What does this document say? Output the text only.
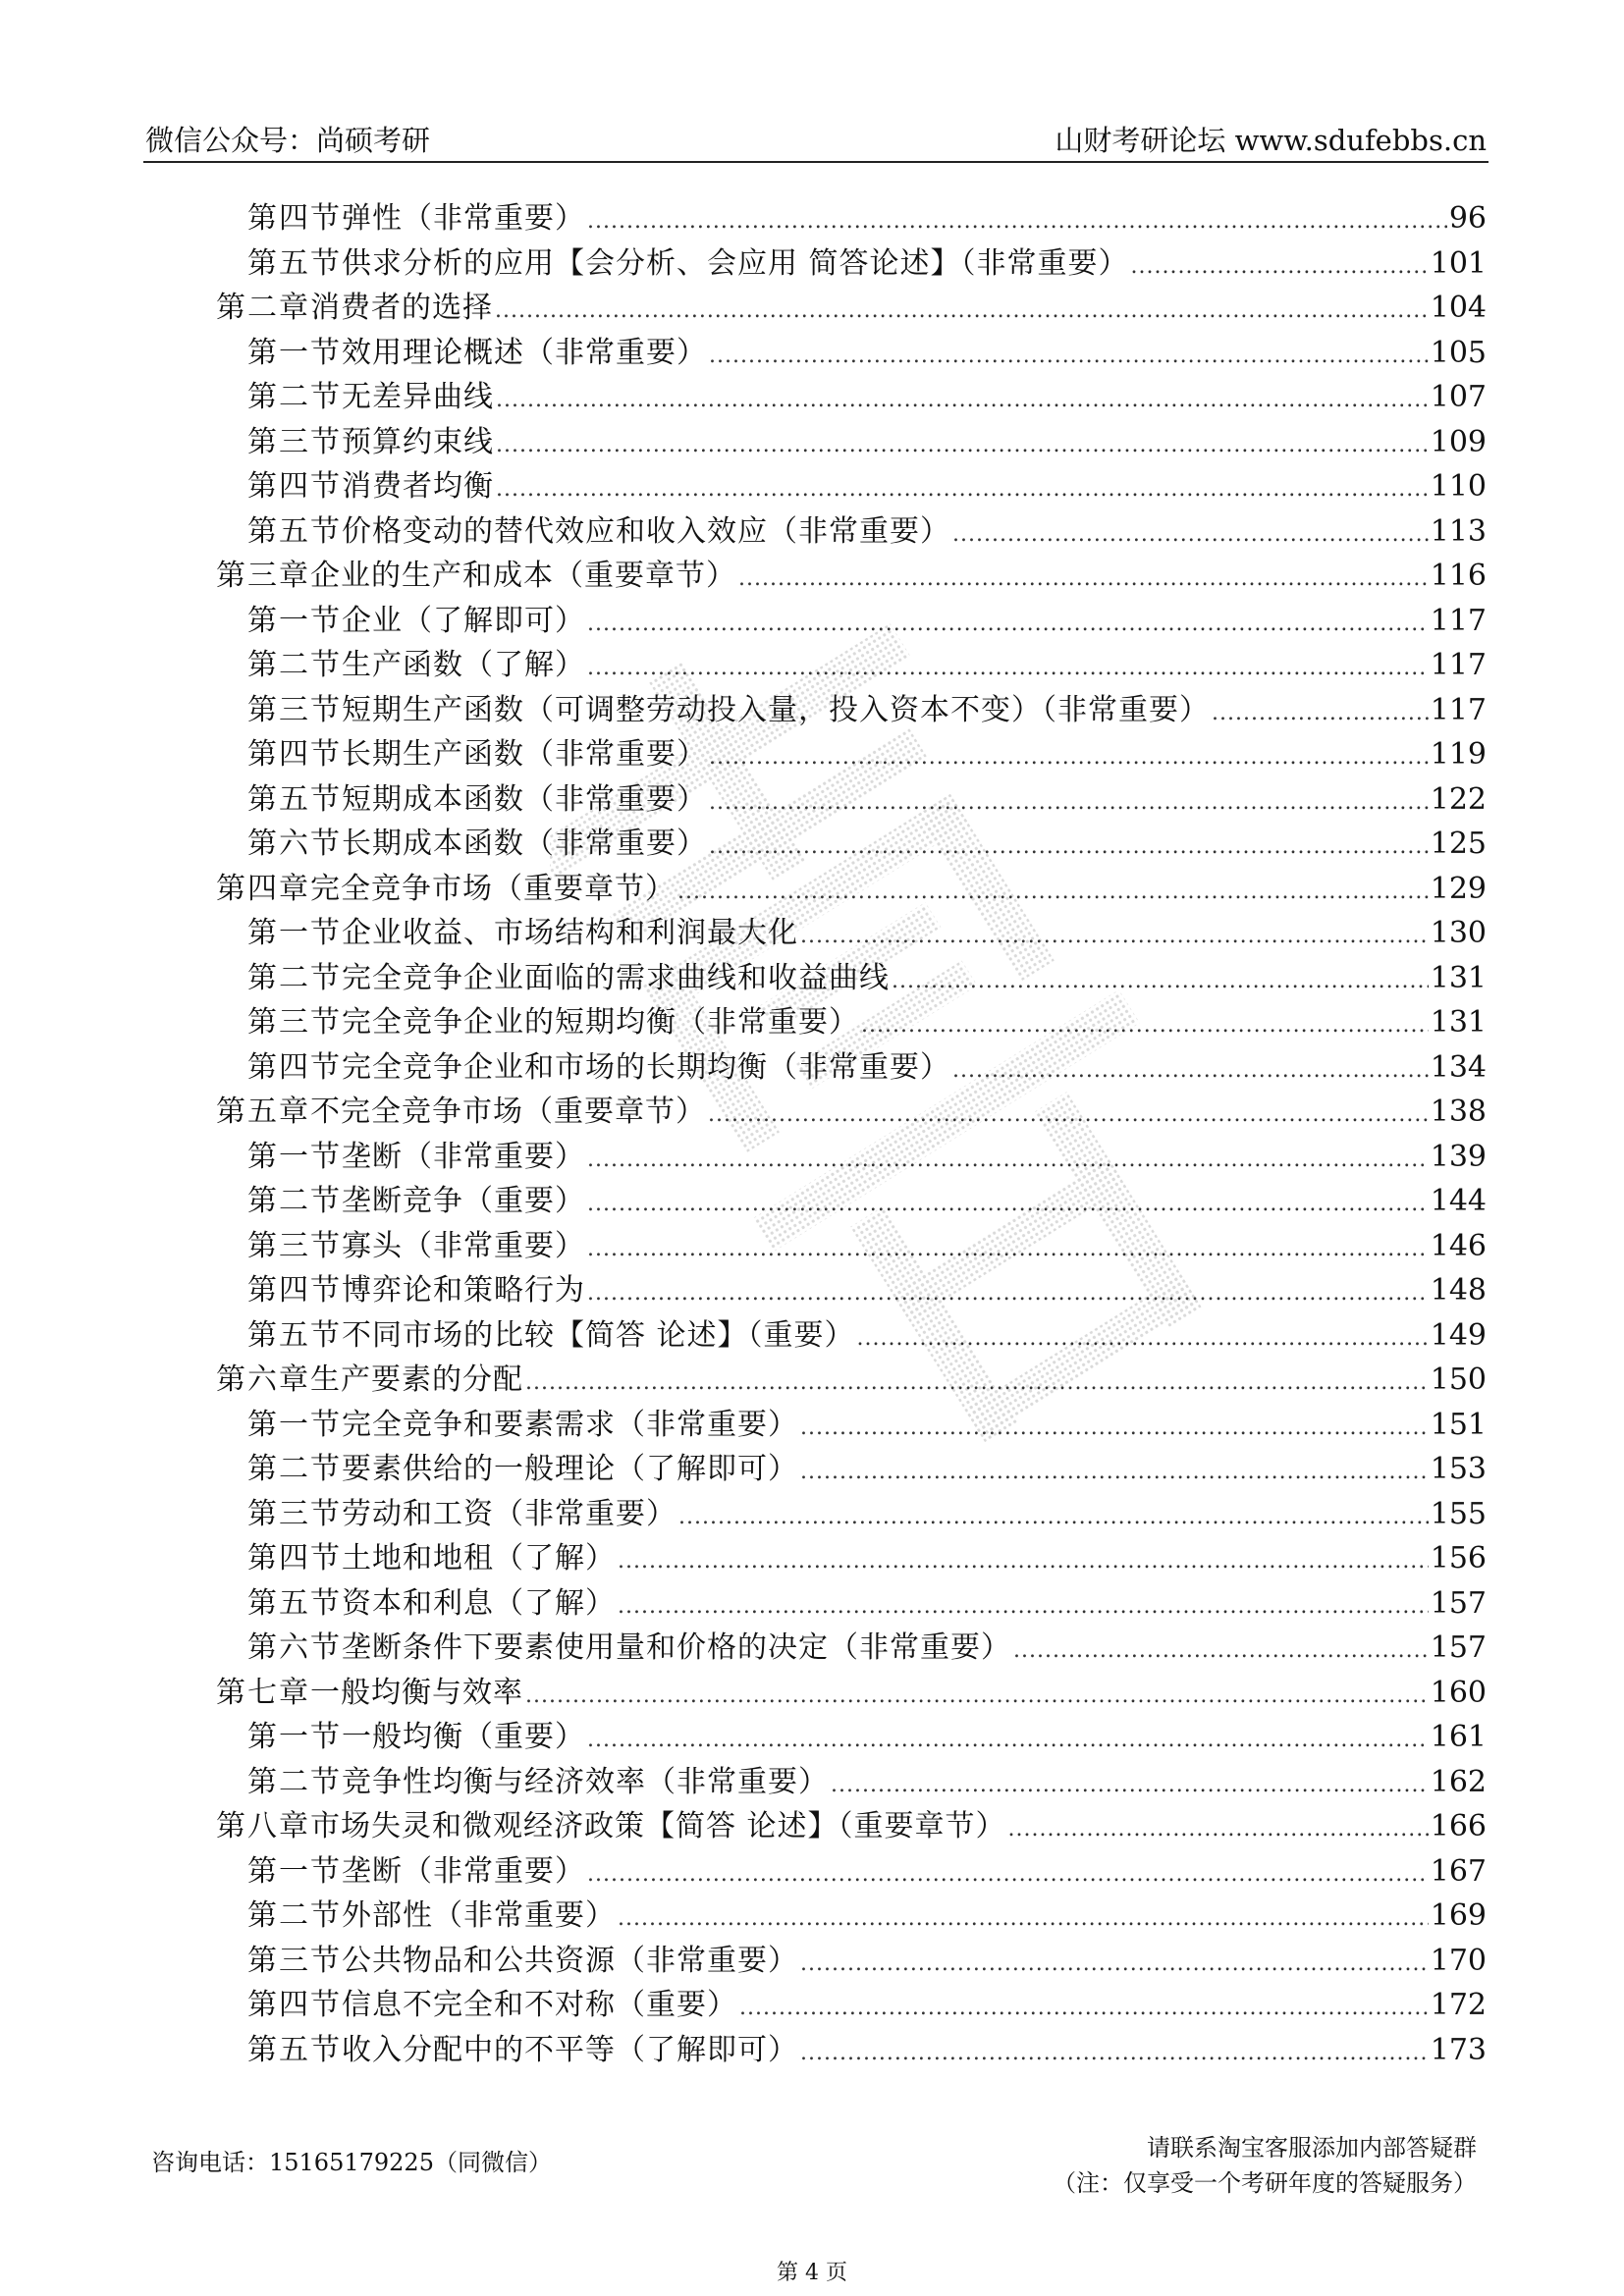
微信公众号：尚硕考研	山财考研论坛 www.sdufebbs.cn
第四节 弹性（非常重要） .....	96
第五节 供求分析的应用【会分析、会应用 简答论述】（非常重要） .....	101
第二章 消费者的选择 .....	104
第一节 效用理论概述（非常重要） .....	105
第二节 无差异曲线 .....	107
第三节 预算约束线 .....	109
第四节 消费者均衡 .....	110
第五节 价格变动的替代效应和收入效应（非常重要） .....	113
第三章 企业的生产和成本（重要章节） .....	116
第一节 企业（了解即可） .....	117
第二节 生产函数（了解） .....	117
第三节 短期生产函数（可调整劳动投入量，投入资本不变）（非常重要） .....	117
第四节 长期生产函数（非常重要） .....	119
第五节 短期成本函数（非常重要） .....	122
第六节 长期成本函数（非常重要） .....	125
第四章 完全竞争市场（重要章节） .....	129
第一节 企业收益、市场结构和利润最大化 .....	130
第二节 完全竞争企业面临的需求曲线和收益曲线 .....	131
第三节 完全竞争企业的短期均衡（非常重要） .....	131
第四节 完全竞争企业和市场的长期均衡（非常重要） .....	134
第五章 不完全竞争市场（重要章节） .....	138
第一节 垄断（非常重要） .....	139
第二节 垄断竞争（重要） .....	144
第三节 寡头（非常重要） .....	146
第四节 博弈论和策略行为 .....	148
第五节 不同市场的比较【简答 论述】（重要） .....	149
第六章 生产要素的分配 .....	150
第一节 完全竞争和要素需求（非常重要） .....	151
第二节 要素供给的一般理论（了解即可） .....	153
第三节 劳动和工资（非常重要） .....	155
第四节 土地和地租（了解） .....	156
第五节 资本和利息（了解） .....	157
第六节 垄断条件下要素使用量和价格的决定（非常重要） .....	157
第七章 一般均衡与效率 .....	160
第一节 一般均衡（重要） .....	161
第二节 竞争性均衡与经济效率（非常重要） .....	162
第八章 市场失灵和微观经济政策【简答 论述】（重要章节） .....	166
第一节 垄断（非常重要） .....	167
第二节 外部性（非常重要） .....	169
第三节 公共物品和公共资源（非常重要） .....	170
第四节 信息不完全和不对称（重要） .....	172
第五节 收入分配中的不平等（了解即可） .....	173
咨询电话：15165179225（同微信）
请联系淘宝客服添加内部答疑群
（注：仅享受一个考研年度的答疑服务）
第 4 页
